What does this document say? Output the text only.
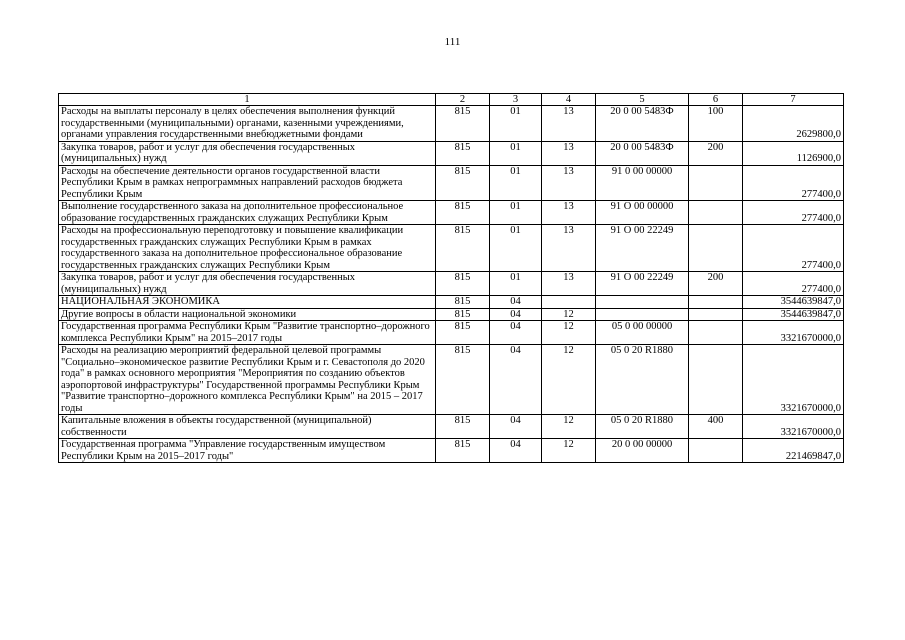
111
1	2	3	4	5	6	7
Расходы на выплаты персоналу в целях обеспечения выполнения функций государственными (муниципальными) органами, казенными учреждениями, органами управления государственными внебюджетными фондами	815	01	13	20 0 00 5483Ф	100	2629800,0
Закупка товаров, работ и услуг для обеспечения государственных (муниципальных) нужд	815	01	13	20 0 00 5483Ф	200	1126900,0
Расходы на обеспечение деятельности органов государственной власти Республики Крым в рамках непрограммных направлений расходов бюджета Республики Крым	815	01	13	91 0 00 00000		277400,0
Выполнение государственного заказа на дополнительное профессиональное образование государственных гражданских служащих Республики Крым	815	01	13	91 О 00 00000		277400,0
Расходы на профессиональную переподготовку и повышение квалификации государственных гражданских служащих Республики Крым в рамках государственного заказа на дополнительное профессиональное образование государственных гражданских служащих Республики Крым	815	01	13	91 О 00 22249		277400,0
Закупка товаров, работ и услуг для обеспечения государственных (муниципальных) нужд	815	01	13	91 О 00 22249	200	277400,0
НАЦИОНАЛЬНАЯ ЭКОНОМИКА	815	04				3544639847,0
Другие вопросы в области национальной экономики	815	04	12			3544639847,0
Государственная программа Республики Крым "Развитие транспортно–дорожного комплекса Республики Крым" на 2015–2017 годы	815	04	12	05 0 00 00000		3321670000,0
Расходы на реализацию мероприятий федеральной целевой программы "Социально–экономическое развитие Республики Крым и г. Севастополя до 2020 года" в рамках основного мероприятия "Мероприятия по созданию объектов аэропортовой инфраструктуры" Государственной программы Республики Крым "Развитие транспортно–дорожного комплекса Республики Крым" на 2015 – 2017 годы	815	04	12	05 0 20 R1880		3321670000,0
Капитальные вложения в объекты государственной (муниципальной) собственности	815	04	12	05 0 20 R1880	400	3321670000,0
Государственная программа "Управление государственным имуществом Республики Крым на 2015–2017 годы"	815	04	12	20 0 00 00000		221469847,0
